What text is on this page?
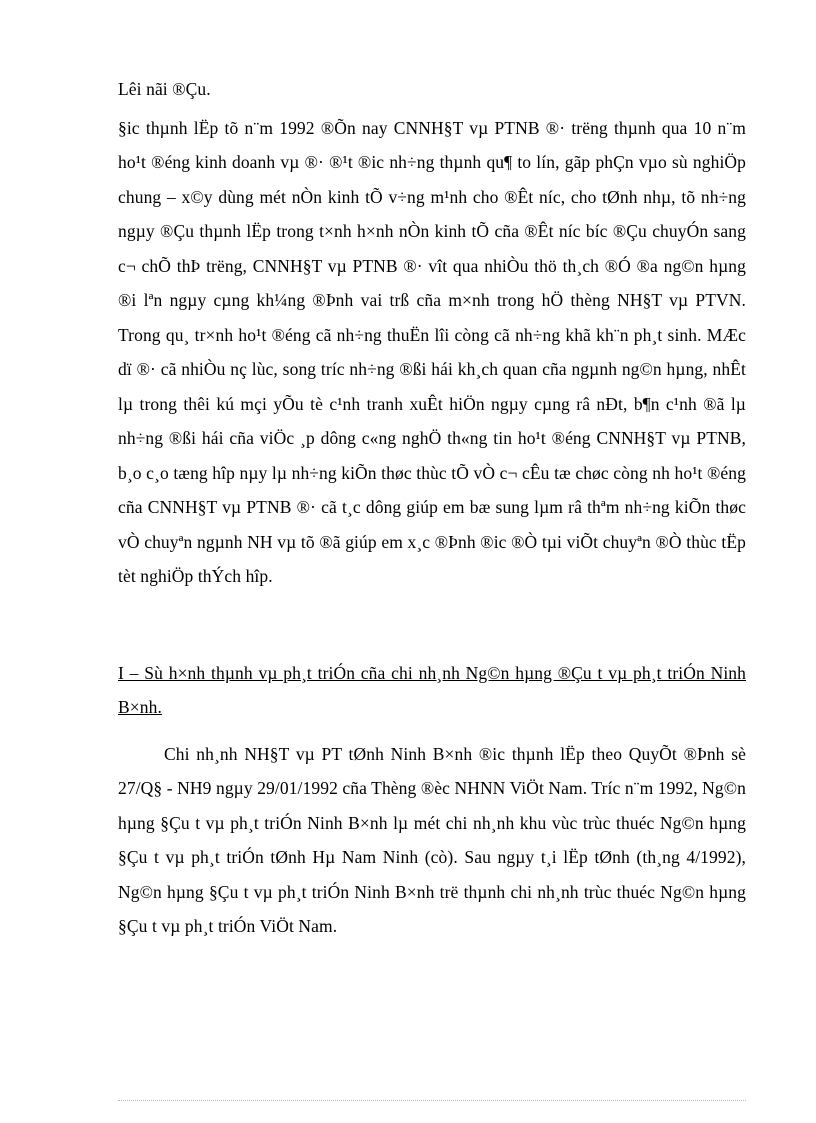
Lêi nãi ®Çu.

§ic thµnh lËp tõ n¨m 1992 ®Õn nay CNNH§T vµ PTNB ®· trëng thµnh qua 10 n¨m ho¹t ®éng kinh doanh vµ ®· ®¹t ®ic nh÷ng thµnh qu¶ to lín, gãp phÇn vµo sù nghiÖp chung – x©y dùng mét nÒn kinh tÕ v÷ng m¹nh cho ®Êt níc, cho tØnh nhµ, tõ nh÷ng ngµy ®Çu thµnh lËp trong t×nh h×nh nÒn kinh tÕ cña ®Êt níc bíc ®Çu chuyÓn sang c¬ chÕ thÞ trëng, CNNH§T vµ PTNB ®· vît qua nhiÒu thö th¸ch ®Ó ®a ng©n hµng ®i lªn ngµy cµng kh¼ng ®Þnh vai trß cña m×nh trong hÖ thèng NH§T vµ PTVN. Trong qu¸ tr×nh ho¹t ®éng cã nh÷ng thuËn lîi còng cã nh÷ng khã kh¨n ph¸t sinh. MÆc dï ®· cã nhiÒu nç lùc, song tríc nh÷ng ®ßi hái kh¸ch quan cña ngµnh ng©n hµng, nhÊt lµ trong thêi kú mçi yÕu tè c¹nh tranh xuÊt hiÖn ngµy cµng râ nÐt, b¶n c¹nh ®ã lµ nh÷ng ®ßi hái cña viÖc ¸p dông c«ng nghÖ th«ng tin ho¹t ®éng CNNH§T vµ PTNB, b¸o c¸o tæng hîp nµy lµ nh÷ng kiÕn thøc thùc tÕ vÒ c¬ cÊu tæ chøc còng nh ho¹t ®éng cña CNNH§T vµ PTNB ®· cã t¸c dông giúp em bæ sung lµm râ thªm nh÷ng kiÕn thøc vÒ chuyªn ngµnh NH vµ tõ ®ã giúp em x¸c ®Þnh ®ic ®Ò tµi viÕt chuyªn ®Ò thùc tËp tèt nghiÖp thÝch hîp.

I – Sù h×nh thµnh vµ ph¸t triÓn cña chi nh¸nh Ng©n hµng ®Çu t vµ ph¸t triÓn Ninh B×nh.

Chi nh¸nh NH§T vµ PT tØnh Ninh B×nh ®ic thµnh lËp theo QuyÕt ®Þnh sè 27/Q§ - NH9 ngµy 29/01/1992 cña Thèng ®èc NHNN ViÖt Nam. Tríc n¨m 1992, Ng©n hµng §Çu t vµ ph¸t triÓn Ninh B×nh lµ mét chi nh¸nh khu vùc trùc thuéc Ng©n hµng §Çu t vµ ph¸t triÓn tØnh Hµ Nam Ninh (cò). Sau ngµy t¸i lËp tØnh (th¸ng 4/1992), Ng©n hµng §Çu t vµ ph¸t triÓn Ninh B×nh trë thµnh chi nh¸nh trùc thuéc Ng©n hµng §Çu t vµ ph¸t triÓn ViÖt Nam.
